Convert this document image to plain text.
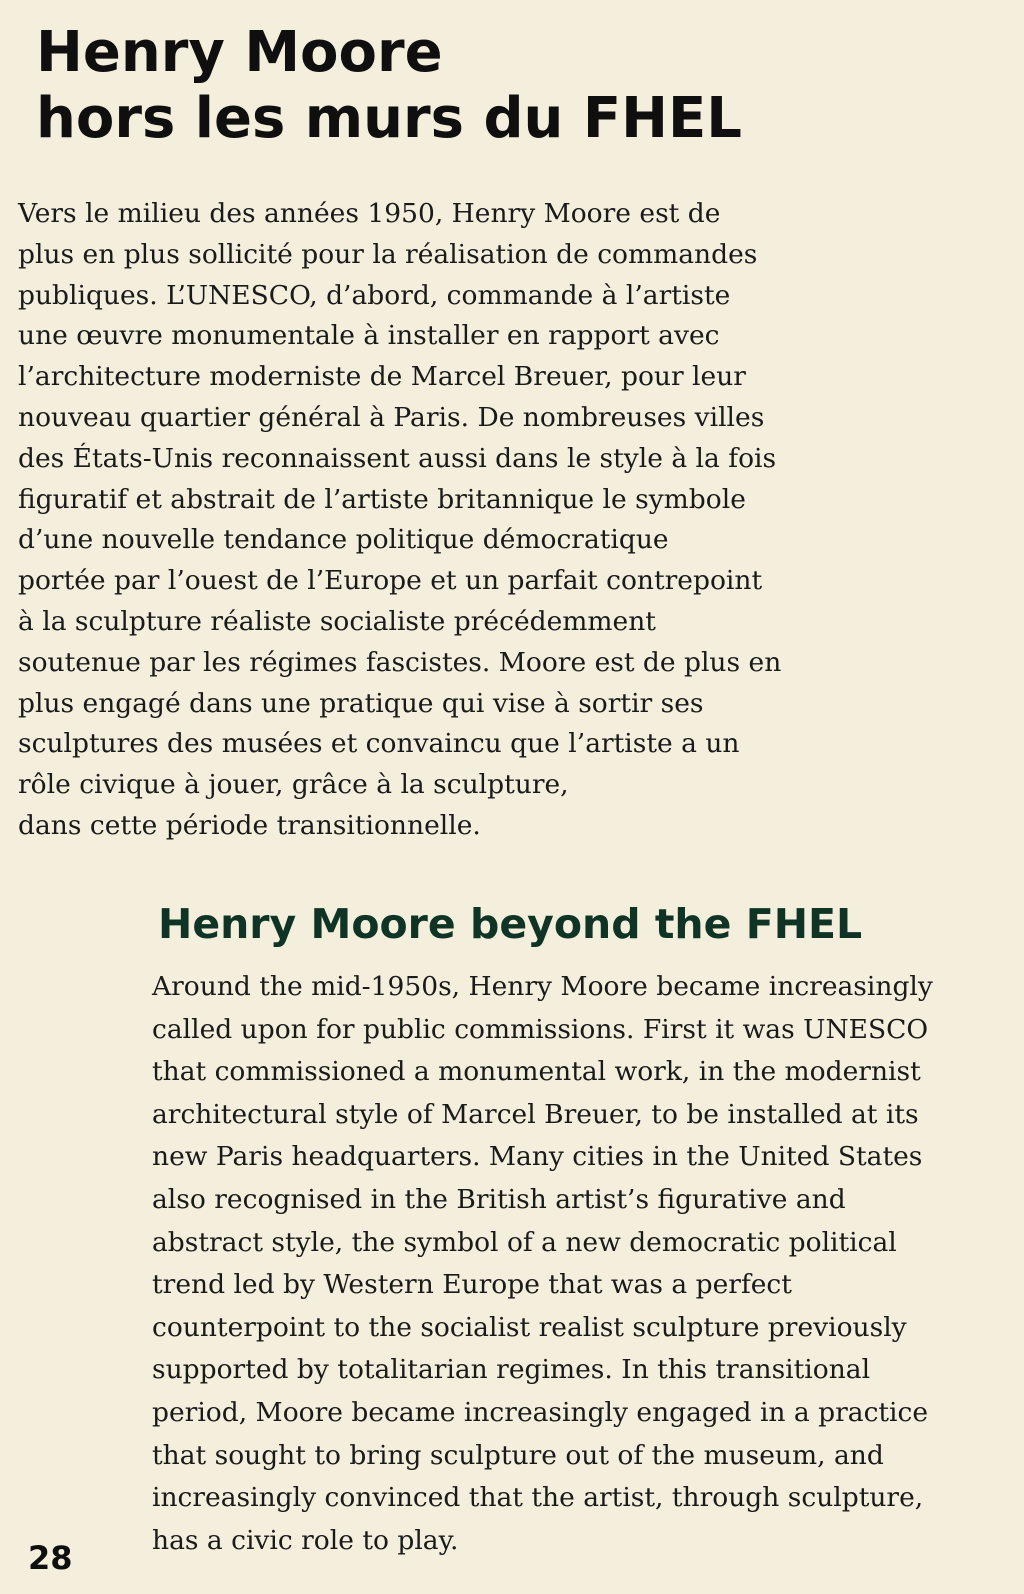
Henry Moore
hors les murs du FHEL

Vers le milieu des années 1950, Henry Moore est de
plus en plus sollicité pour la réalisation de commandes
publiques. L’UNESCO, d’abord, commande à l’artiste
une œuvre monumentale à installer en rapport avec
l’architecture moderniste de Marcel Breuer, pour leur
nouveau quartier général à Paris. De nombreuses villes
des États-Unis reconnaissent aussi dans le style à la fois
figuratif et abstrait de l’artiste britannique le symbole
d’une nouvelle tendance politique démocratique
portée par l’ouest de l’Europe et un parfait contrepoint
à la sculpture réaliste socialiste précédemment
soutenue par les régimes fascistes. Moore est de plus en
plus engagé dans une pratique qui vise à sortir ses
sculptures des musées et convaincu que l’artiste a un
rôle civique à jouer, grâce à la sculpture,
dans cette période transitionnelle.

Henry Moore beyond the FHEL

Around the mid-1950s, Henry Moore became increasingly
called upon for public commissions. First it was UNESCO
that commissioned a monumental work, in the modernist
architectural style of Marcel Breuer, to be installed at its
new Paris headquarters. Many cities in the United States
also recognised in the British artist’s figurative and
abstract style, the symbol of a new democratic political
trend led by Western Europe that was a perfect
counterpoint to the socialist realist sculpture previously
supported by totalitarian regimes. In this transitional
period, Moore became increasingly engaged in a practice
that sought to bring sculpture out of the museum, and
increasingly convinced that the artist, through sculpture,
has a civic role to play.

28
